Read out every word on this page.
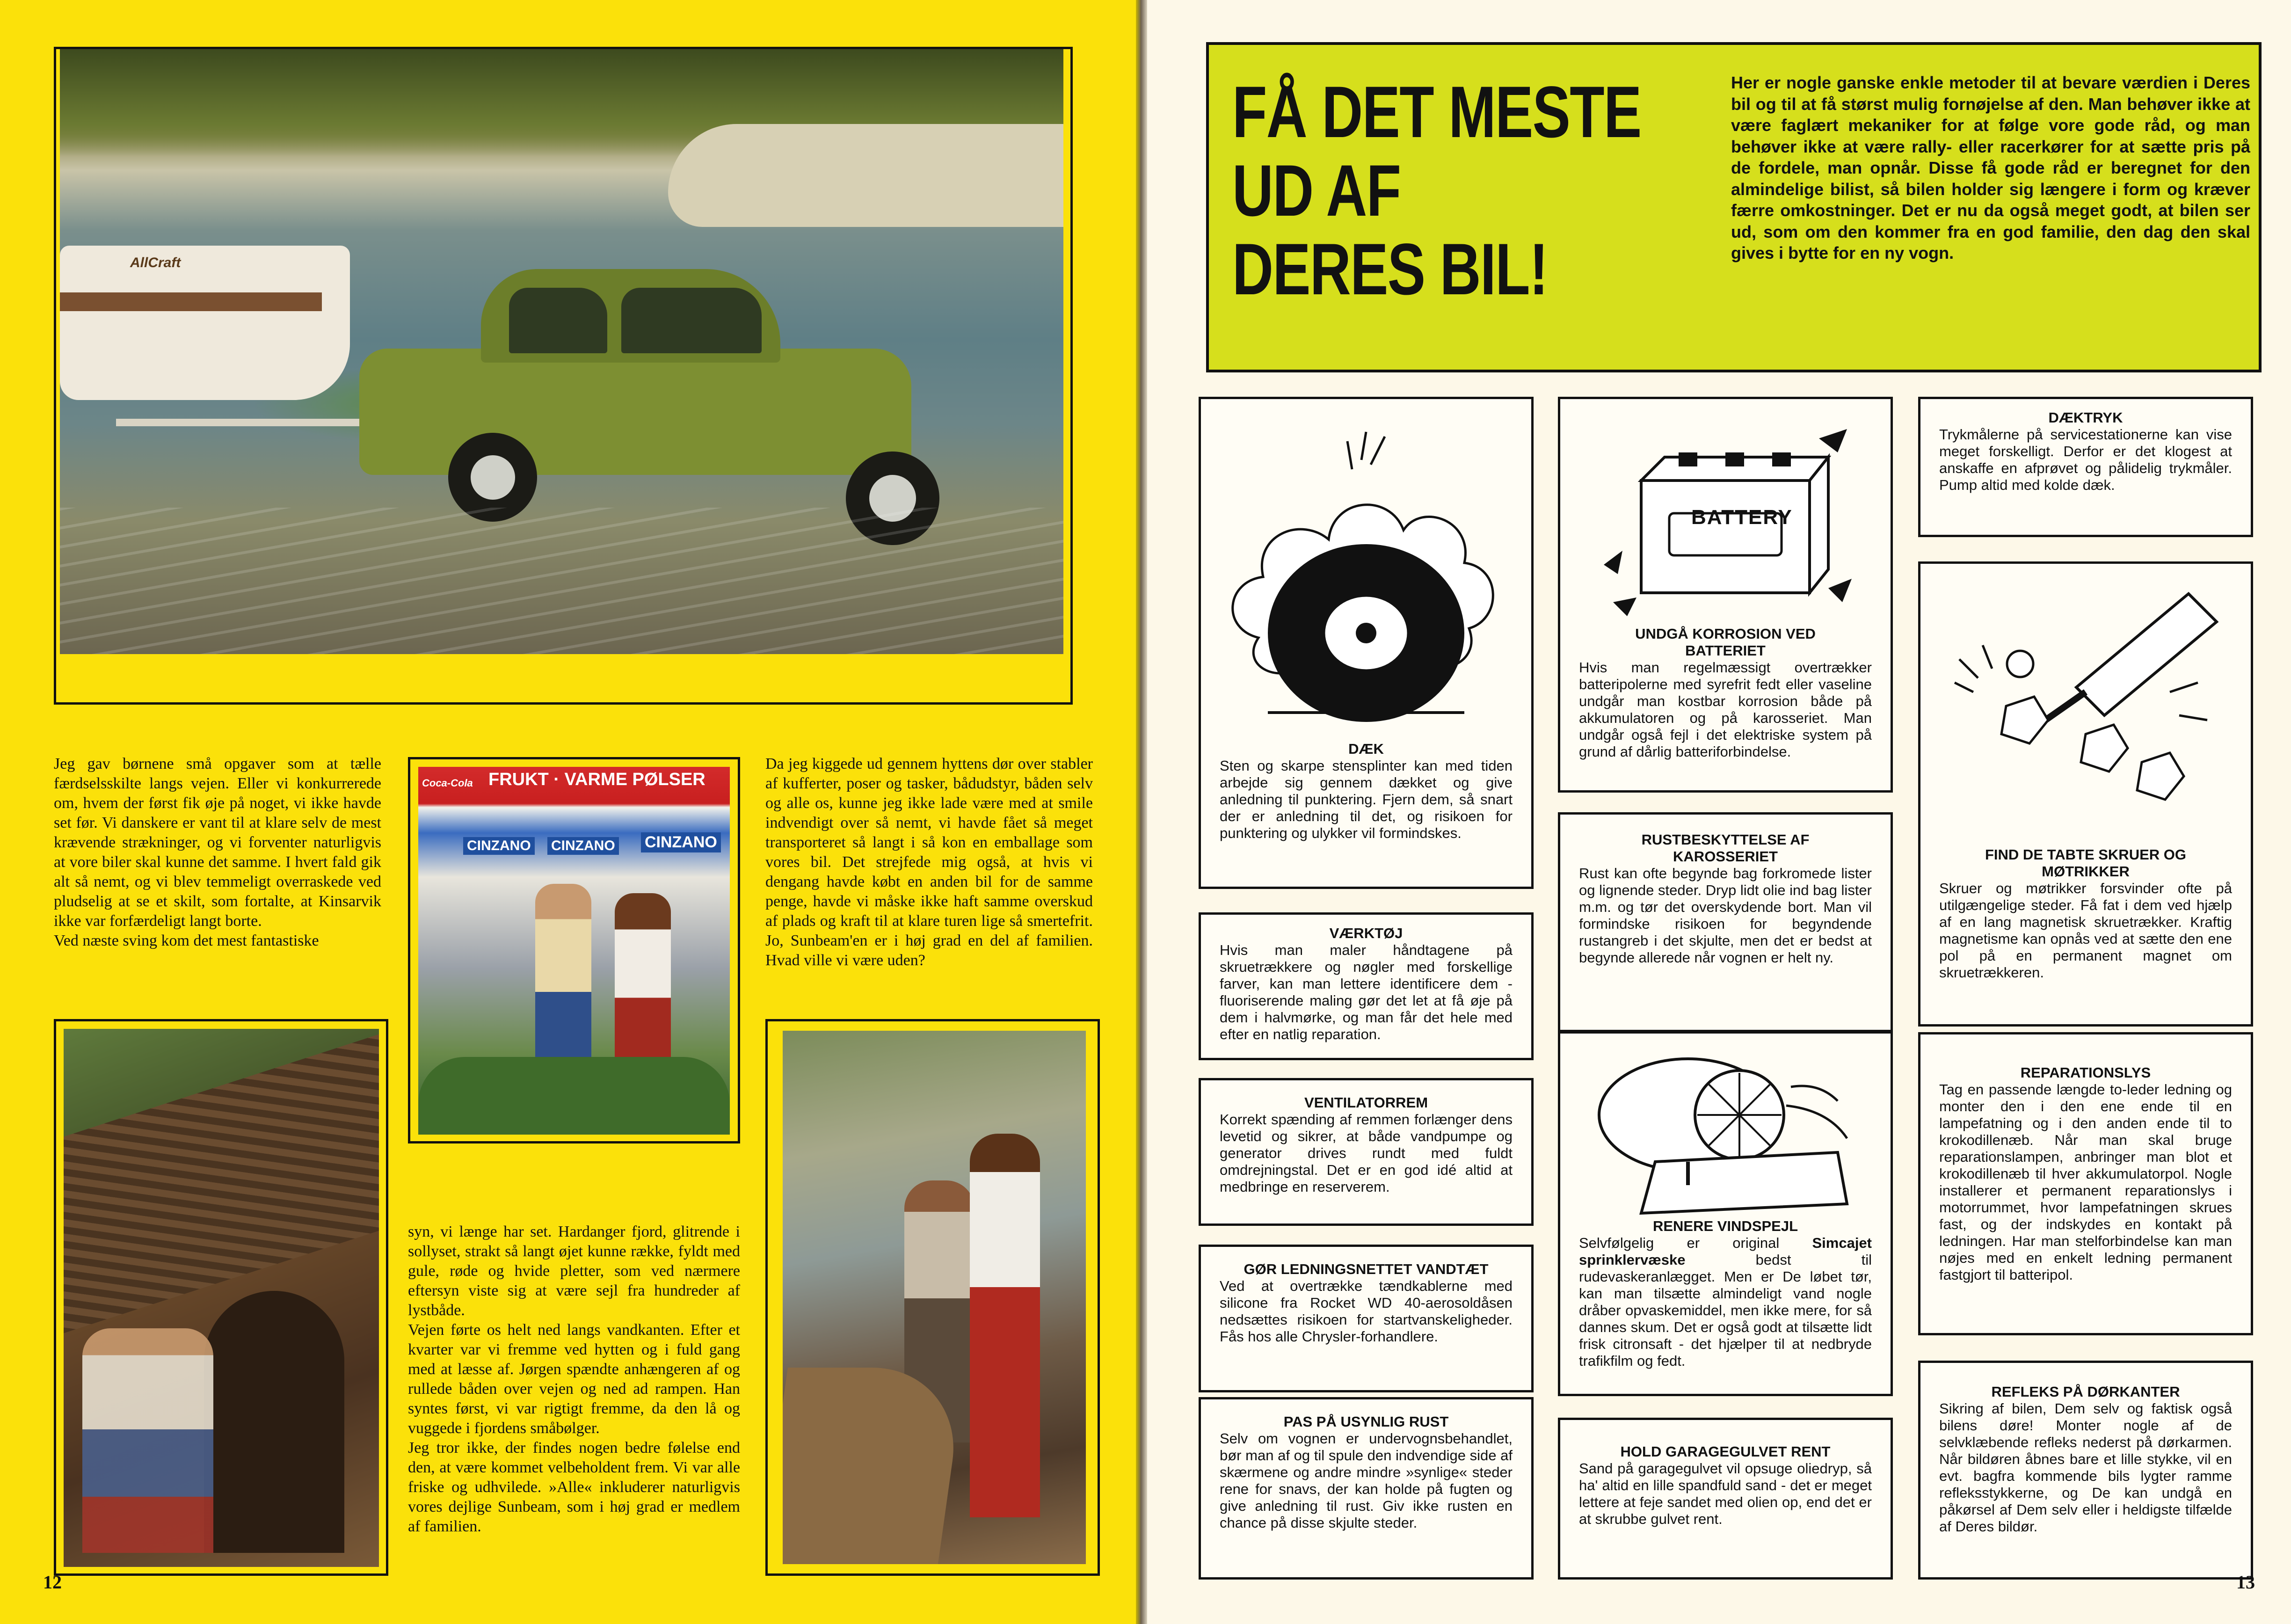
AllCraft

Jeg gav børnene små opgaver som at tælle færdselsskilte langs vejen. Eller vi konkurrerede om, hvem der først fik øje på noget, vi ikke havde set før. Vi danskere er vant til at klare selv de mest krævende strækninger, og vi forventer naturligvis at vore biler skal kunne det samme. I hvert fald gik alt så nemt, og vi blev temmeligt overraskede ved pludselig at se et skilt, som fortalte, at Kinsarvik ikke var forfærdeligt langt borte.

Ved næste sving kom det mest fantastiske

FRUKT · VARME PØLSER
Coca-Cola
CINZANO CINZANO CINZANO

Da jeg kiggede ud gennem hyttens dør over stabler af kufferter, poser og tasker, bådudstyr, båden selv og alle os, kunne jeg ikke lade være med at smile indvendigt over så nemt, vi havde fået så meget transporteret så langt i så kon en emballage som vores bil. Det strejfede mig også, at hvis vi dengang havde købt en anden bil for de samme penge, havde vi måske ikke haft samme overskud af plads og kraft til at klare turen lige så smertefrit. Jo, Sunbeam'en er i høj grad en del af familien. Hvad ville vi være uden?

syn, vi længe har set. Hardanger fjord, glitrende i sollyset, strakt så langt øjet kunne række, fyldt med gule, røde og hvide pletter, som ved nærmere eftersyn viste sig at være sejl fra hundreder af lystbåde.

Vejen førte os helt ned langs vandkanten. Efter et kvarter var vi fremme ved hytten og i fuld gang med at læsse af. Jørgen spændte anhængeren af og rullede båden over vejen og ned ad rampen. Han syntes først, vi var rigtigt fremme, da den lå og vuggede i fjordens småbølger.

Jeg tror ikke, der findes nogen bedre følelse end den, at være kommet velbeholdent frem. Vi var alle friske og udhvilede. »Alle« inkluderer naturligvis vores dejlige Sunbeam, som i høj grad er medlem af familien.

12
FÅ DET MESTE
UD AF
DERES BIL!
Her er nogle ganske enkle metoder til at bevare værdien i Deres bil og til at få størst mulig fornøjelse af den. Man behøver ikke at være faglært mekaniker for at følge vore gode råd, og man behøver ikke at være rally- eller racerkører for at sætte pris på de fordele, man opnår. Disse få gode råd er beregnet for den almindelige bilist, så bilen holder sig længere i form og kræver færre omkostninger. Det er nu da også meget godt, at bilen ser ud, som om den kommer fra en god familie, den dag den skal gives i bytte for en ny vogn.
DÆK
Sten og skarpe stensplinter kan med tiden arbejde sig gennem dækket og give anledning til punktering. Fjern dem, så snart der er anledning til det, og risikoen for punktering og ulykker vil formindskes.
VÆRKTØJ
Hvis man maler håndtagene på skruetrækkere og nøgler med forskellige farver, kan man lettere identificere dem - fluoriserende maling gør det let at få øje på dem i halvmørke, og man får det hele med efter en natlig reparation.
VENTILATORREM
Korrekt spænding af remmen forlænger dens levetid og sikrer, at både vandpumpe og generator drives rundt med fuldt omdrejningstal. Det er en god idé altid at medbringe en reserverem.
GØR LEDNINGSNETTET VANDTÆT
Ved at overtrække tændkablerne med silicone fra Rocket WD 40-aerosoldåsen nedsættes risikoen for startvanskeligheder. Fås hos alle Chrysler-forhandlere.
PAS PÅ USYNLIG RUST
Selv om vognen er undervognsbehandlet, bør man af og til spule den indvendige side af skærmene og andre mindre »synlige« steder rene for snavs, der kan holde på fugten og give anledning til rust. Giv ikke rusten en chance på disse skjulte steder.
BATTERY
UNDGÅ KORROSION VED BATTERIET
Hvis man regelmæssigt overtrækker batteripolerne med syrefrit fedt eller vaseline undgår man kostbar korrosion både på akkumulatoren og på karosseriet. Man undgår også fejl i det elektriske system på grund af dårlig batteriforbindelse.
RUSTBESKYTTELSE AF KAROSSERIET
Rust kan ofte begynde bag forkromede lister og lignende steder. Dryp lidt olie ind bag lister m.m. og tør det overskydende bort. Man vil formindske risikoen for begyndende rustangreb i det skjulte, men det er bedst at begynde allerede når vognen er helt ny.
RENERE VINDSPEJL
Selvfølgelig er original Simcajet sprinklervæske bedst til rudevaskeranlægget. Men er De løbet tør, kan man tilsætte almindeligt vand nogle dråber opvaskemiddel, men ikke mere, for så dannes skum. Det er også godt at tilsætte lidt frisk citronsaft - det hjælper til at nedbryde trafikfilm og fedt.
HOLD GARAGEGULVET RENT
Sand på garagegulvet vil opsuge oliedryp, så ha' altid en lille spandfuld sand - det er meget lettere at feje sandet med olien op, end det er at skrubbe gulvet rent.
DÆKTRYK
Trykmålerne på servicestationerne kan vise meget forskelligt. Derfor er det klogest at anskaffe en afprøvet og pålidelig trykmåler. Pump altid med kolde dæk.
FIND DE TABTE SKRUER OG MØTRIKKER
Skruer og møtrikker forsvinder ofte på utilgængelige steder. Få fat i dem ved hjælp af en lang magnetisk skruetrækker. Kraftig magnetisme kan opnås ved at sætte den ene pol på en permanent magnet om skruetrækkeren.
REPARATIONSLYS
Tag en passende længde to-leder ledning og monter den i den ene ende til en lampefatning og i den anden ende til to krokodillenæb. Når man skal bruge reparationslampen, anbringer man blot et krokodillenæb til hver akkumulatorpol. Nogle installerer et permanent reparationslys i motorrummet, hvor lampefatningen skrues fast, og der indskydes en kontakt på ledningen. Har man stelforbindelse kan man nøjes med en enkelt ledning permanent fastgjort til batteripol.
REFLEKS PÅ DØRKANTER
Sikring af bilen, Dem selv og faktisk også bilens døre! Monter nogle af de selvklæbende refleks nederst på dørkarmen. Når bildøren åbnes bare et lille stykke, vil en evt. bagfra kommende bils lygter ramme refleksstykkerne, og De kan undgå en påkørsel af Dem selv eller i heldigste tilfælde af Deres bildør.
13
